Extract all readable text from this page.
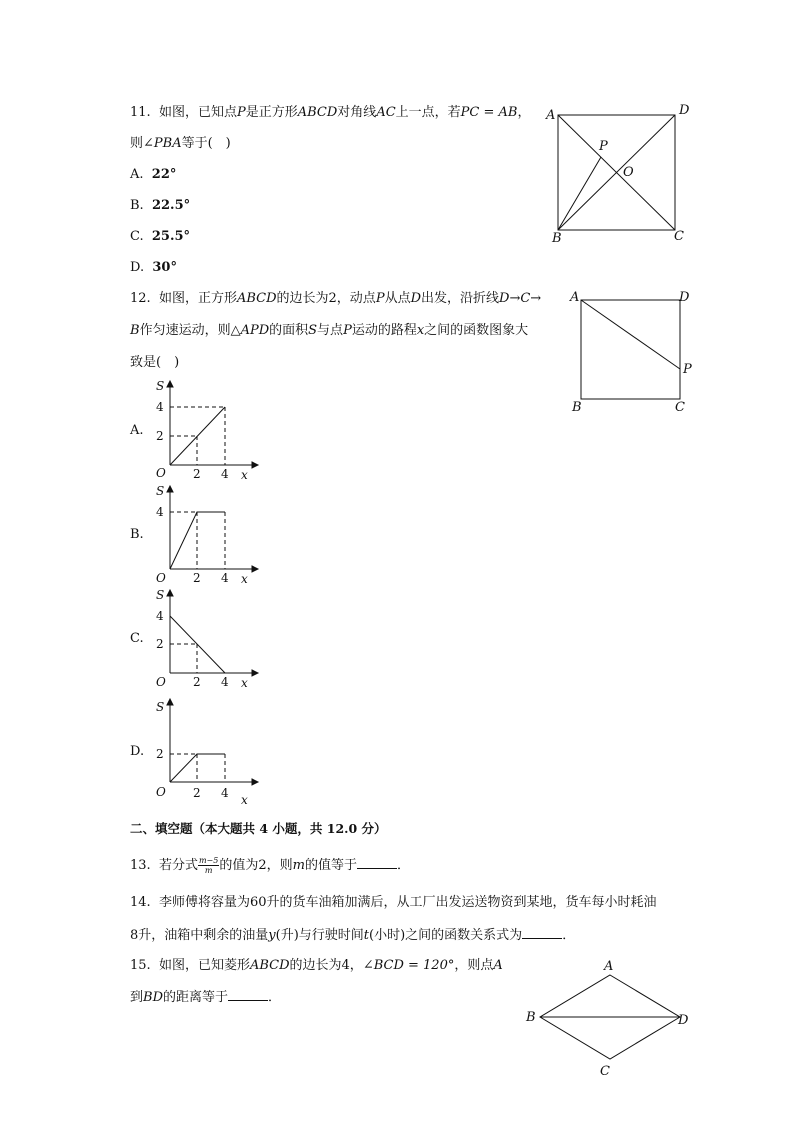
11. 如图，已知点P是正方形ABCD对角线AC上一点，若PC = AB，
则∠PBA等于(　)
A. 22°
B. 22.5°
C. 25.5°
D. 30°
A	D
B	C
P
O
12. 如图，正方形ABCD的边长为2，动点P从点D出发，沿折线D→C→
B作匀速运动，则△APD的面积S与点P运动的路程x之间的函数图象大
致是(　)
A	D
B	C
P
A.
S
4
2
O 2 4 x
B.
S
4
O 2 4 x
C.
S
4
2
O 2 4 x
D.
S
2
O 2 4 x
二、填空题（本大题共 4 小题，共 12.0 分）
13. 若分式 $\frac{m-5}{m}$ 的值为2，则m的值等于	．
14. 李师傅将容量为60升的货车油箱加满后，从工厂出发运送物资到某地，货车每小时耗油
8升，油箱中剩余的油量y(升)与行驶时间t(小时)之间的函数关系式为	．
15. 如图，已知菱形ABCD的边长为4，∠BCD = 120°，则点A
到BD的距离等于	．
A
B	D
C
